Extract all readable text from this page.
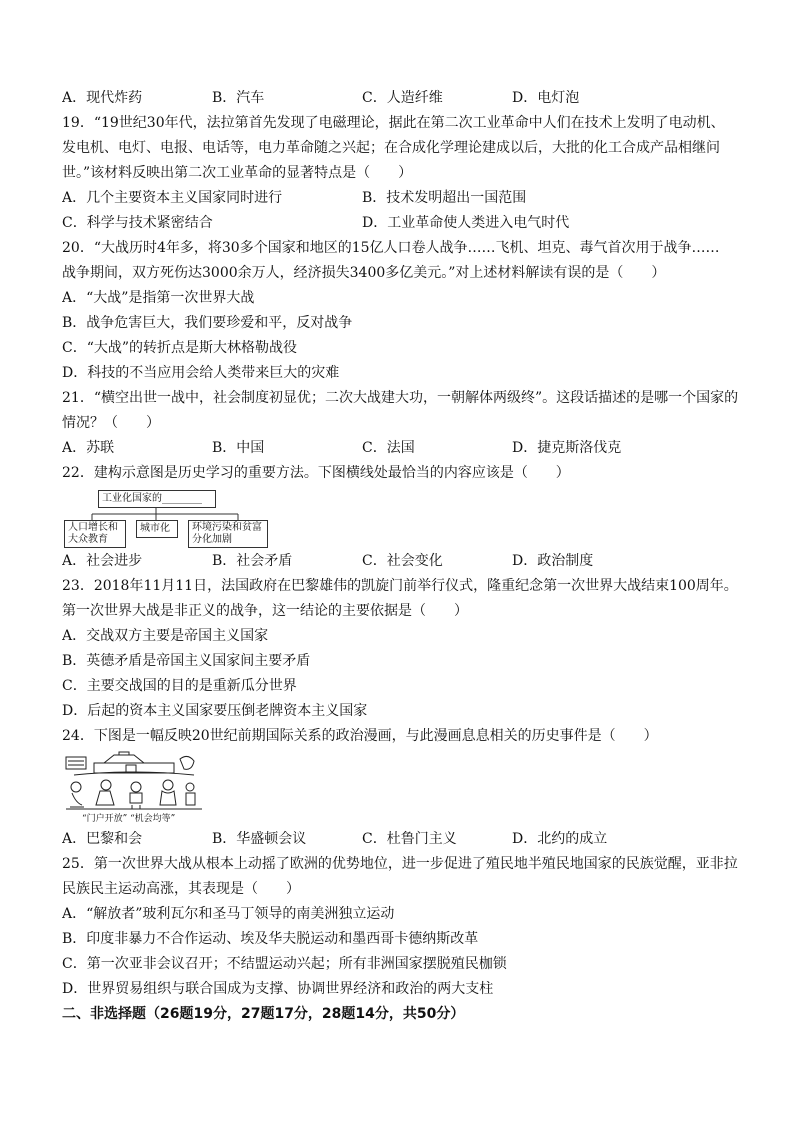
A．现代炸药	B．汽车	C．人造纤维	D．电灯泡
19．“19世纪30年代，法拉第首先发现了电磁理论，据此在第二次工业革命中人们在技术上发明了电动机、
发电机、电灯、电报、电话等，电力革命随之兴起；在合成化学理论建成以后，大批的化工合成产品相继问
世。”该材料反映出第二次工业革命的显著特点是（　　）
A．几个主要资本主义国家同时进行	B．技术发明超出一国范围
C．科学与技术紧密结合	D．工业革命使人类进入电气时代
20．“大战历时4年多，将30多个国家和地区的15亿人口卷人战争……飞机、坦克、毒气首次用于战争……
战争期间，双方死伤达3000余万人，经济损失3400多亿美元。”对上述材料解读有误的是（　　）
A．“大战”是指第一次世界大战
B．战争危害巨大，我们要珍爱和平，反对战争
C．“大战”的转折点是斯大林格勒战役
D．科技的不当应用会给人类带来巨大的灾难
21．“横空出世一战中，社会制度初显优；二次大战建大功，一朝解体两级终”。这段话描述的是哪一个国家的
情况？（　　）
A．苏联	B．中国	C．法国	D．捷克斯洛伐克
22．建构示意图是历史学习的重要方法。下图横线处最恰当的内容应该是（　　）
工业化国家的________
人口增长和大众教育
城市化	环境污染和贫富分化加剧
A．社会进步	B．社会矛盾	C．社会变化	D．政治制度
23．2018年11月11日，法国政府在巴黎雄伟的凯旋门前举行仪式，隆重纪念第一次世界大战结束100周年。
第一次世界大战是非正义的战争，这一结论的主要依据是（　　）
A．交战双方主要是帝国主义国家
B．英德矛盾是帝国主义国家间主要矛盾
C．主要交战国的目的是重新瓜分世界
D．后起的资本主义国家要压倒老牌资本主义国家
24．下图是一幅反映20世纪前期国际关系的政治漫画，与此漫画息息相关的历史事件是（　　）
“门户开放” “机会均等”
A．巴黎和会	B．华盛顿会议	C．杜鲁门主义	D．北约的成立
25．第一次世界大战从根本上动摇了欧洲的优势地位，进一步促进了殖民地半殖民地国家的民族觉醒，亚非拉
民族民主运动高涨，其表现是（　　）
A．“解放者”玻利瓦尔和圣马丁领导的南美洲独立运动
B．印度非暴力不合作运动、埃及华夫脱运动和墨西哥卡德纳斯改革
C．第一次亚非会议召开；不结盟运动兴起；所有非洲国家摆脱殖民枷锁
D．世界贸易组织与联合国成为支撑、协调世界经济和政治的两大支柱
二、非选择题（26题19分，27题17分，28题14分，共50分）
